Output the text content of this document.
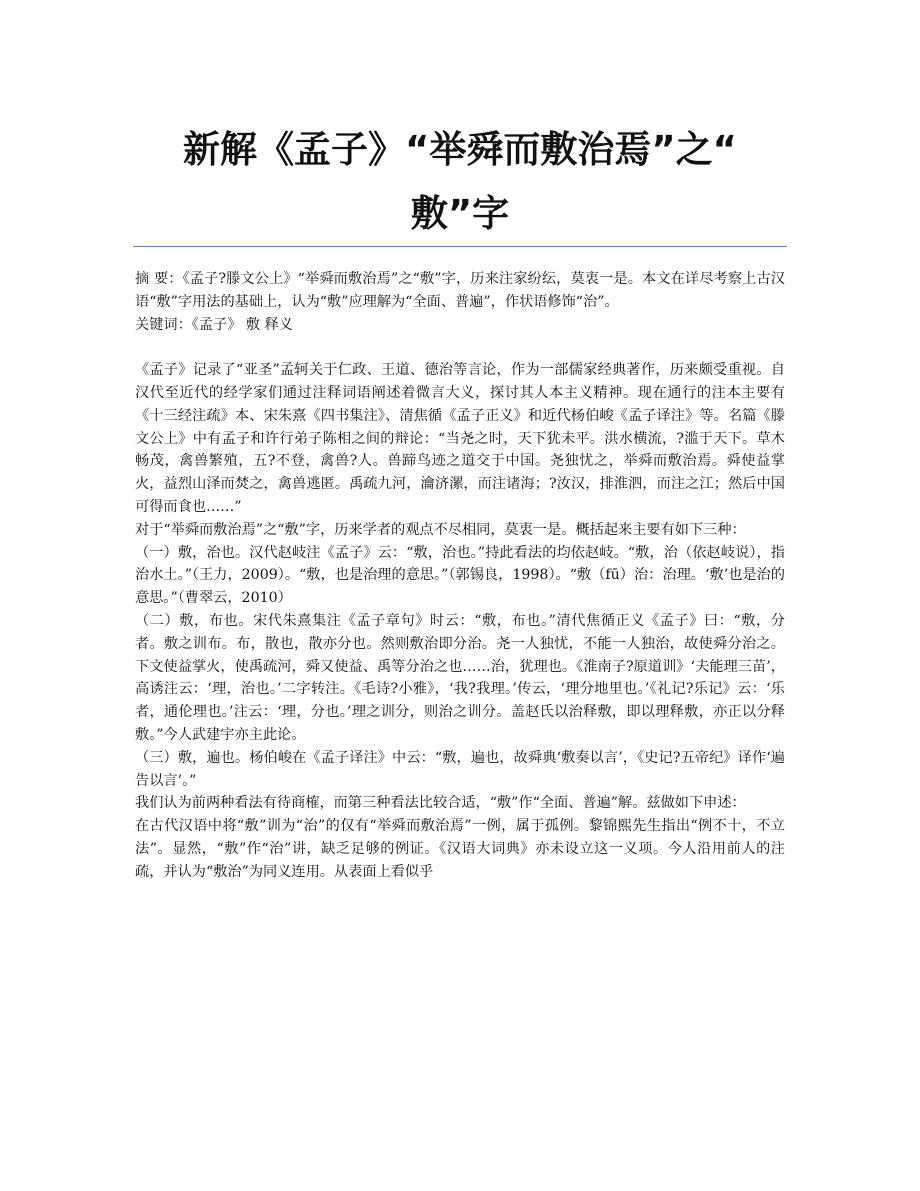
新解《孟子》“举舜而敷治焉”之“
敷”字

摘 要：《孟子?滕文公上》“举舜而敷治焉”之“敷”字，历来注家纷纭，莫衷一是。本文在详尽考察上古汉语“敷”字用法的基础上，认为“敷”应理解为“全面、普遍”，作状语修饰“治”。

关键词：《孟子》 敷 释义

《孟子》记录了“亚圣”孟轲关于仁政、王道、德治等言论，作为一部儒家经典著作，历来颇受重视。自汉代至近代的经学家们通过注释词语阐述着微言大义，探讨其人本主义精神。现在通行的注本主要有《十三经注疏》本、宋朱熹《四书集注》、清焦循《孟子正义》和近代杨伯峻《孟子译注》等。名篇《滕文公上》中有孟子和许行弟子陈相之间的辩论：“当尧之时，天下犹未平。洪水横流，?滥于天下。草木畅茂，禽兽繁殖，五?不登，禽兽?人。兽蹄鸟迹之道交于中国。尧独忧之，举舜而敷治焉。舜使益掌火，益烈山泽而焚之，禽兽逃匿。禹疏九河，瀹济漯，而注诸海；?汝汉，排淮泗，而注之江；然后中国可得而食也……”

对于“举舜而敷治焉”之“敷”字，历来学者的观点不尽相同，莫衷一是。概括起来主要有如下三种：

（一）敷，治也。汉代赵岐注《孟子》云：“敷，治也。”持此看法的均依赵岐。“敷，治（依赵岐说），指治水土。”（王力，2009）。“敷，也是治理的意思。”（郭锡良，1998）。“敷（fū）治：治理。‘敷’也是治的意思。”（曹翠云，2010）

（二）敷，布也。宋代朱熹集注《孟子章句》时云：“敷，布也。”清代焦循正义《孟子》曰：“敷，分者。敷之训布。布，散也，散亦分也。然则敷治即分治。尧一人独忧，不能一人独治，故使舜分治之。下文使益掌火，使禹疏河，舜又使益、禹等分治之也……治，犹理也。《淮南子?原道训》‘夫能理三苗’，高诱注云：‘理，治也。’二字转注。《毛诗?小雅》，‘我?我理。’传云，‘理分地里也。’《礼记?乐记》云：‘乐者，通伦理也。’注云：‘理，分也。’理之训分，则治之训分。盖赵氏以治释敷，即以理释敷，亦正以分释敷。”今人武建宇亦主此论。

（三）敷，遍也。杨伯峻在《孟子译注》中云：“敷，遍也，故舜典‘敷奏以言’，《史记?五帝纪》译作‘遍告以言’。”

我们认为前两种看法有待商榷，而第三种看法比较合适，“敷”作“全面、普遍”解。兹做如下申述：

在古代汉语中将“敷”训为“治”的仅有“举舜而敷治焉”一例，属于孤例。黎锦熙先生指出“例不十，不立法”。显然，“敷”作“治”讲，缺乏足够的例证。《汉语大词典》亦未设立这一义项。今人沿用前人的注疏，并认为“敷治”为同义连用。从表面上看似乎
